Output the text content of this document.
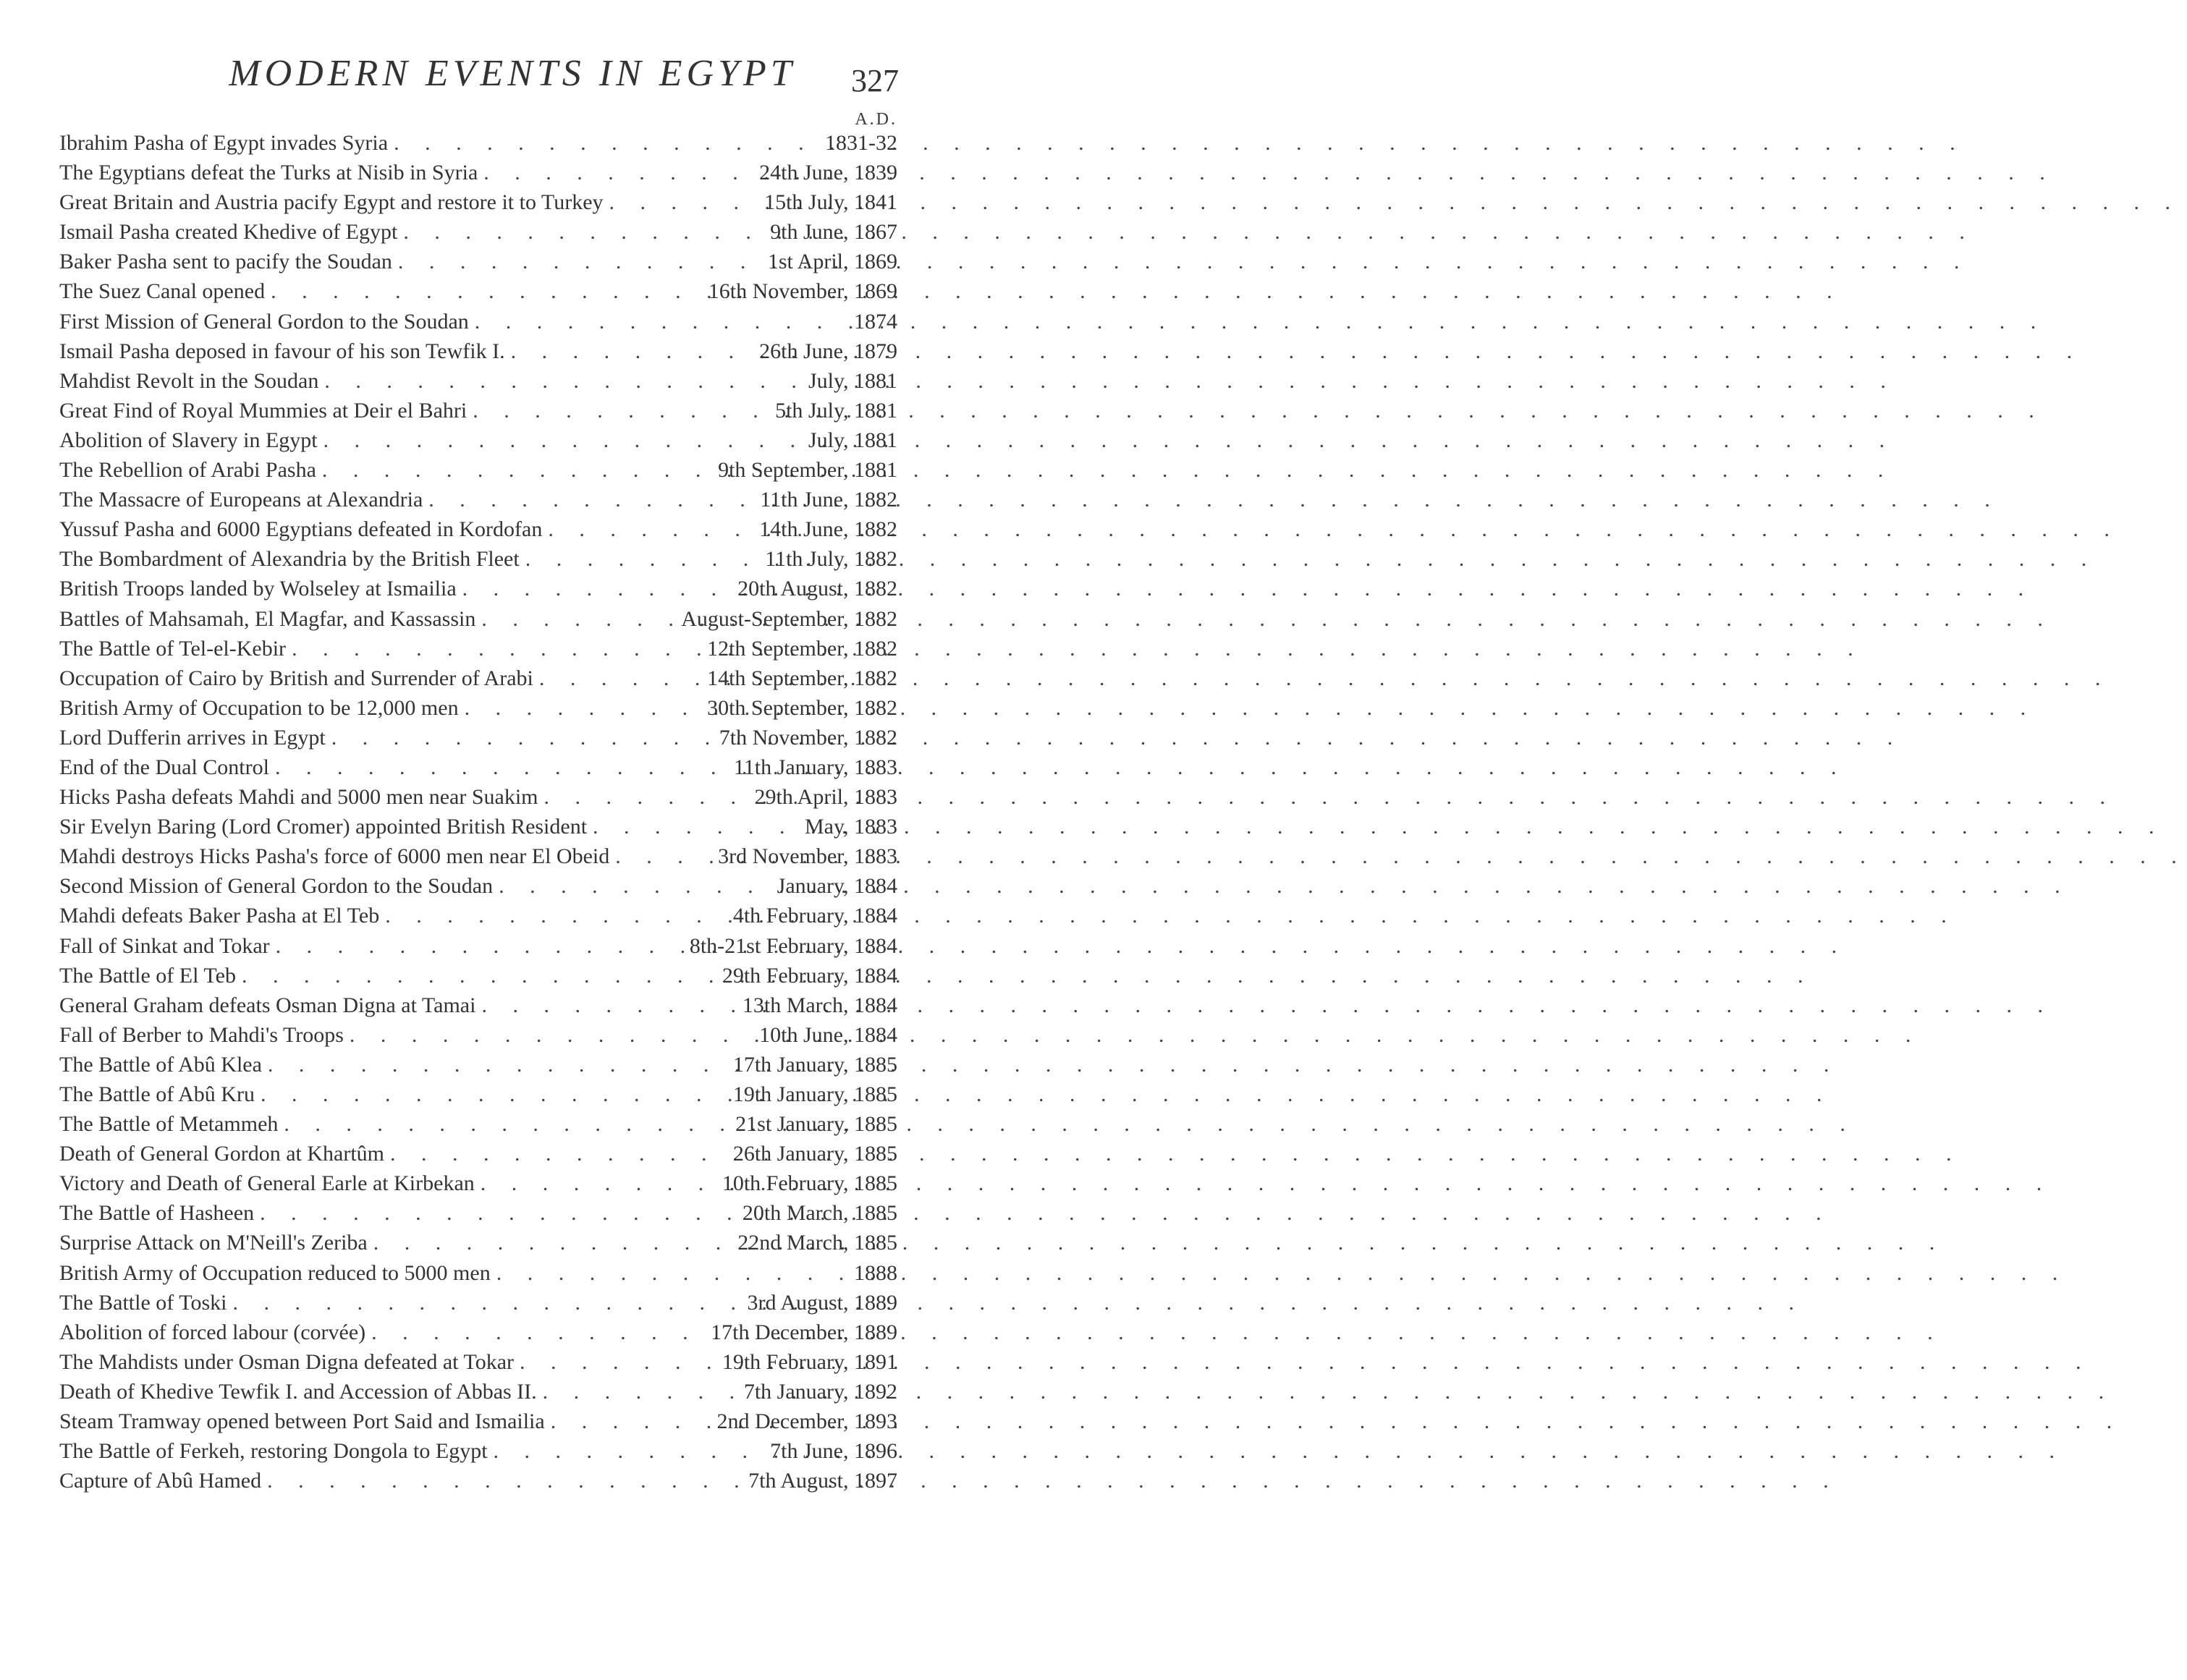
MODERN EVENTS IN EGYPT	327
A.D.
Ibrahim Pasha of Egypt invades Syria . . .	1831-32
The Egyptians defeat the Turks at Nisib in Syria . . .	24th June, 1839
Great Britain and Austria pacify Egypt and restore it to Turkey . . .	15th July, 1841
Ismail Pasha created Khedive of Egypt . . .	9th June, 1867
Baker Pasha sent to pacify the Soudan . . .	1st April, 1869
The Suez Canal opened . . .	16th November, 1869
First Mission of General Gordon to the Soudan . . .	1874
Ismail Pasha deposed in favour of his son Tewfik I. . . .	26th June, 1879
Mahdist Revolt in the Soudan . . .	July, 1881
Great Find of Royal Mummies at Deir el Bahri . . .	5th July, 1881
Abolition of Slavery in Egypt . . .	July, 1881
The Rebellion of Arabi Pasha . . .	9th September, 1881
The Massacre of Europeans at Alexandria . . .	11th June, 1882
Yussuf Pasha and 6000 Egyptians defeated in Kordofan . . .	14th June, 1882
The Bombardment of Alexandria by the British Fleet . . .	11th July, 1882
British Troops landed by Wolseley at Ismailia . . .	20th August, 1882
Battles of Mahsamah, El Magfar, and Kassassin . . .	August-September, 1882
The Battle of Tel-el-Kebir . . .	12th September, 1882
Occupation of Cairo by British and Surrender of Arabi . . .	14th September, 1882
British Army of Occupation to be 12,000 men . . .	30th September, 1882
Lord Dufferin arrives in Egypt . . .	7th November, 1882
End of the Dual Control . . .	11th January, 1883
Hicks Pasha defeats Mahdi and 5000 men near Suakim . . .	29th April, 1883
Sir Evelyn Baring (Lord Cromer) appointed British Resident . . .	May, 1883
Mahdi destroys Hicks Pasha's force of 6000 men near El Obeid . . .	3rd November, 1883
Second Mission of General Gordon to the Soudan . . .	January, 1884
Mahdi defeats Baker Pasha at El Teb . . .	4th February, 1884
Fall of Sinkat and Tokar . . .	8th-21st February, 1884
The Battle of El Teb . . .	29th February, 1884
General Graham defeats Osman Digna at Tamai . . .	13th March, 1884
Fall of Berber to Mahdi's Troops . . .	10th June, 1884
The Battle of Abû Klea . . .	17th January, 1885
The Battle of Abû Kru . . .	19th January, 1885
The Battle of Metammeh . . .	21st January, 1885
Death of General Gordon at Khartûm . . .	26th January, 1885
Victory and Death of General Earle at Kirbekan . . .	10th February, 1885
The Battle of Hasheen . . .	20th March, 1885
Surprise Attack on M'Neill's Zeriba . . .	22nd March, 1885
British Army of Occupation reduced to 5000 men . . .	1888
The Battle of Toski . . .	3rd August, 1889
Abolition of forced labour (corvée) . . .	17th December, 1889
The Mahdists under Osman Digna defeated at Tokar . . .	19th February, 1891
Death of Khedive Tewfik I. and Accession of Abbas II. . . .	7th January, 1892
Steam Tramway opened between Port Said and Ismailia . . .	2nd December, 1893
The Battle of Ferkeh, restoring Dongola to Egypt . . .	7th June, 1896
Capture of Abû Hamed . . .	7th August, 1897
